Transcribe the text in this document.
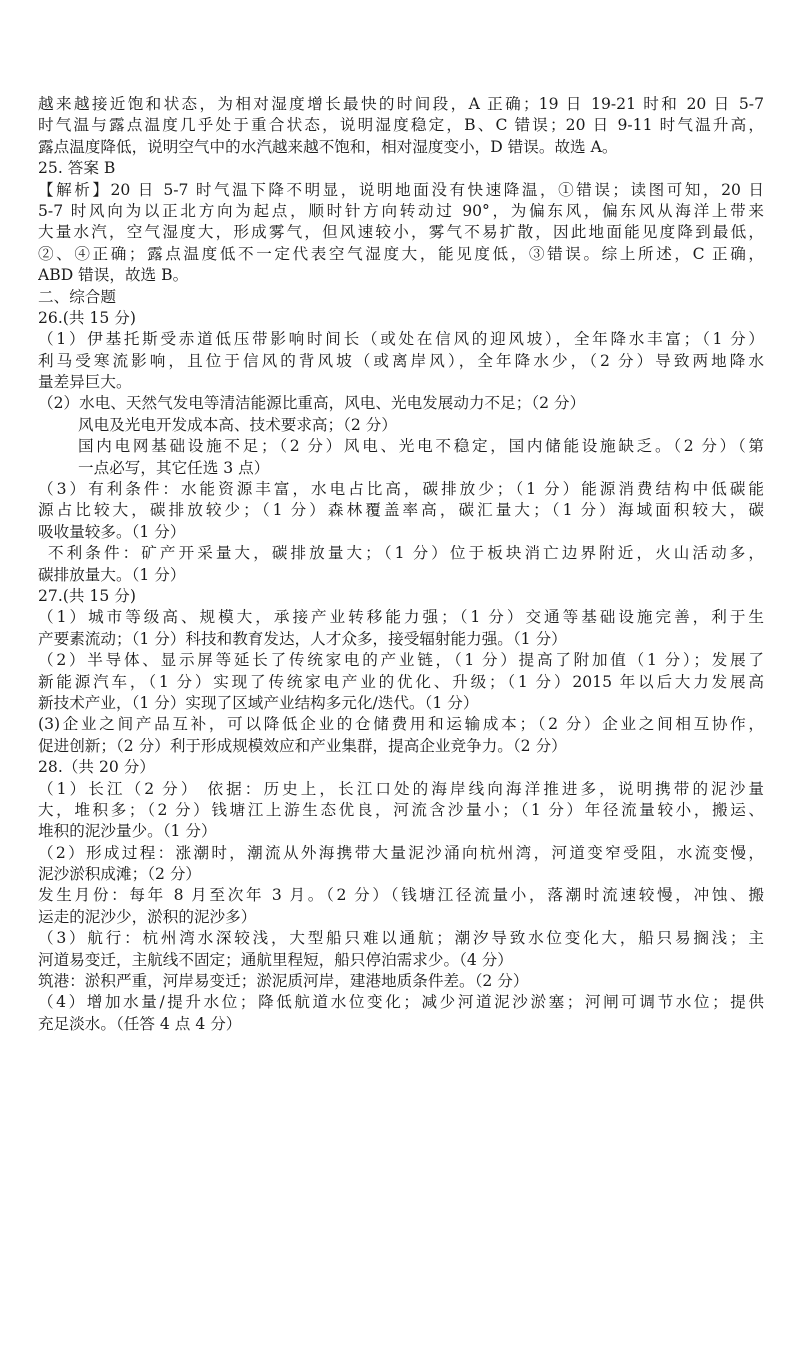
越来越接近饱和状态，为相对湿度增长最快的时间段，A 正确；19 日 19-21 时和 20 日 5-7
时气温与露点温度几乎处于重合状态，说明湿度稳定，B、C 错误；20 日 9-11 时气温升高，
露点温度降低，说明空气中的水汽越来越不饱和，相对湿度变小，D 错误。故选 A。
25. 答案 B
【解析】20 日 5-7 时气温下降不明显，说明地面没有快速降温，①错误；读图可知，20 日
5-7 时风向为以正北方向为起点，顺时针方向转动过 90°，为偏东风，偏东风从海洋上带来
大量水汽，空气湿度大，形成雾气，但风速较小，雾气不易扩散，因此地面能见度降到最低，
②、④正确；露点温度低不一定代表空气湿度大，能见度低，③错误。综上所述，C 正确，
ABD 错误，故选 B。
二、综合题
26.(共 15 分)
（1）伊基托斯受赤道低压带影响时间长（或处在信风的迎风坡），全年降水丰富；（1 分）
利马受寒流影响，且位于信风的背风坡（或离岸风），全年降水少，（2 分）导致两地降水
量差异巨大。
（2）水电、天然气发电等清洁能源比重高，风电、光电发展动力不足；（2 分）
风电及光电开发成本高、技术要求高；（2 分）
国内电网基础设施不足；（2 分）风电、光电不稳定，国内储能设施缺乏。（2 分）（第
一点必写，其它任选 3 点）
（3）有利条件：水能资源丰富，水电占比高，碳排放少；（1 分）能源消费结构中低碳能
源占比较大，碳排放较少；（1 分）森林覆盖率高，碳汇量大；（1 分）海域面积较大，碳
吸收量较多。（1 分）
不利条件：矿产开采量大，碳排放量大；（1 分）位于板块消亡边界附近，火山活动多，
碳排放量大。（1 分）
27.(共 15 分)
（1）城市等级高、规模大，承接产业转移能力强；（1 分）交通等基础设施完善，利于生
产要素流动；（1 分）科技和教育发达，人才众多，接受辐射能力强。（1 分）
（2）半导体、显示屏等延长了传统家电的产业链，（1 分）提高了附加值（1 分）；发展了
新能源汽车，（1 分）实现了传统家电产业的优化、升级；（1 分）2015 年以后大力发展高
新技术产业，（1 分）实现了区域产业结构多元化/迭代。（1 分）
(3)企业之间产品互补，可以降低企业的仓储费用和运输成本；（2 分）企业之间相互协作，
促进创新；（2 分）利于形成规模效应和产业集群，提高企业竞争力。（2 分）
28.（共 20 分）
（1）长江（2 分） 依据：历史上，长江口处的海岸线向海洋推进多，说明携带的泥沙量
大，堆积多；（2 分）钱塘江上游生态优良，河流含沙量小；（1 分）年径流量较小，搬运、
堆积的泥沙量少。（1 分）
（2）形成过程：涨潮时，潮流从外海携带大量泥沙涌向杭州湾，河道变窄受阻，水流变慢，
泥沙淤积成滩；（2 分）
发生月份：每年 8 月至次年 3 月。（2 分）（钱塘江径流量小，落潮时流速较慢，冲蚀、搬
运走的泥沙少，淤积的泥沙多）
（3）航行：杭州湾水深较浅，大型船只难以通航；潮汐导致水位变化大，船只易搁浅；主
河道易变迁，主航线不固定；通航里程短，船只停泊需求少。（4 分）
筑港：淤积严重，河岸易变迁；淤泥质河岸，建港地质条件差。（2 分）
（4）增加水量/提升水位；降低航道水位变化；减少河道泥沙淤塞；河闸可调节水位；提供
充足淡水。（任答 4 点 4 分）
